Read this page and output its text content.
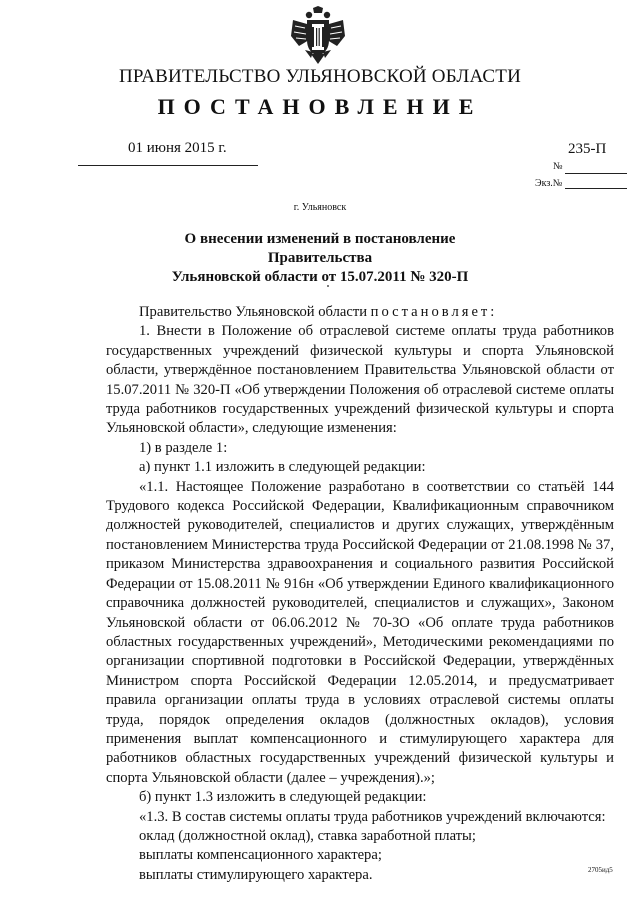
ПРАВИТЕЛЬСТВО УЛЬЯНОВСКОЙ ОБЛАСТИ
ПОСТАНОВЛЕНИЕ
01 июня 2015 г.	235-П
№
Экз.№
г. Ульяновск
О внесении изменений в постановление Правительства
Ульяновской области от 15.07.2011 № 320-П

Правительство Ульяновской области постановляет:

1. Внести в Положение об отраслевой системе оплаты труда работников государственных учреждений физической культуры и спорта Ульяновской области, утверждённое постановлением Правительства Ульяновской области от 15.07.2011 № 320-П «Об утверждении Положения об отраслевой системе оплаты труда работников государственных учреждений физической культуры и спорта Ульяновской области», следующие изменения:

1) в разделе 1:

а) пункт 1.1 изложить в следующей редакции:

«1.1. Настоящее Положение разработано в соответствии со статьёй 144 Трудового кодекса Российской Федерации, Квалификационным справочником должностей руководителей, специалистов и других служащих, утверждённым постановлением Министерства труда Российской Федерации от 21.08.1998 № 37, приказом Министерства здравоохранения и социального развития Российской Федерации от 15.08.2011 № 916н «Об утверждении Единого квалификационного справочника должностей руководителей, специалистов и служащих», Законом Ульяновской области от 06.06.2012 № 70-ЗО «Об оплате труда работников областных государственных учреждений», Методическими рекомендациями по организации спортивной подготовки в Российской Федерации, утверждённых Министром спорта Российской Федерации 12.05.2014, и предусматривает правила организации оплаты труда в условиях отраслевой системы оплаты труда, порядок определения окладов (должностных окладов), условия применения выплат компенсационного и стимулирующего характера для работников областных государственных учреждений физической культуры и спорта Ульяновской области (далее – учреждения).»;

б) пункт 1.3 изложить в следующей редакции:

«1.3. В состав системы оплаты труда работников учреждений включаются:

оклад (должностной оклад), ставка заработной платы;

выплаты компенсационного характера;

выплаты стимулирующего характера.	2705ид5
